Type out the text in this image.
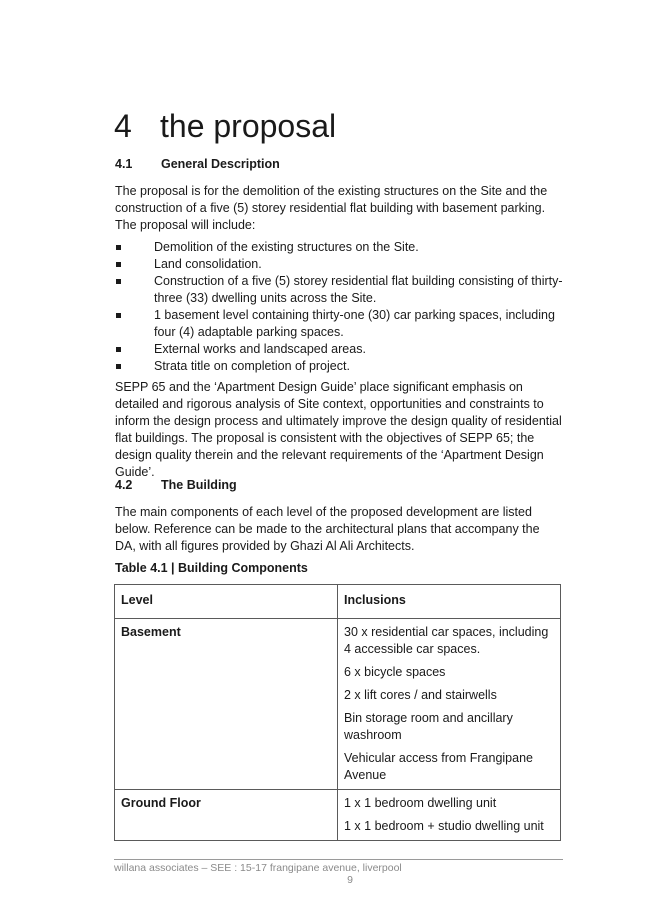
4 the proposal
4.1 General Description

The proposal is for the demolition of the existing structures on the Site and the construction of a five (5) storey residential flat building with basement parking. The proposal will include:

Demolition of the existing structures on the Site.
Land consolidation.
Construction of a five (5) storey residential flat building consisting of thirty-three (33) dwelling units across the Site.
1 basement level containing thirty-one (30) car parking spaces, including four (4) adaptable parking spaces.
External works and landscaped areas.
Strata title on completion of project.

SEPP 65 and the ‘Apartment Design Guide’ place significant emphasis on detailed and rigorous analysis of Site context, opportunities and constraints to inform the design process and ultimately improve the design quality of residential flat buildings. The proposal is consistent with the objectives of SEPP 65; the design quality therein and the relevant requirements of the ‘Apartment Design Guide’.

4.2 The Building

The main components of each level of the proposed development are listed below. Reference can be made to the architectural plans that accompany the DA, with all figures provided by Ghazi Al Ali Architects.

Table 4.1 | Building Components
Level	Inclusions
Basement	30 x residential car spaces, including 4 accessible car spaces.
6 x bicycle spaces
2 x lift cores / and stairwells
Bin storage room and ancillary washroom
Vehicular access from Frangipane Avenue

Ground Floor	1 x 1 bedroom dwelling unit
1 x 1 bedroom + studio dwelling unit
willana associates – SEE : 15-17 frangipane avenue, liverpool
9
